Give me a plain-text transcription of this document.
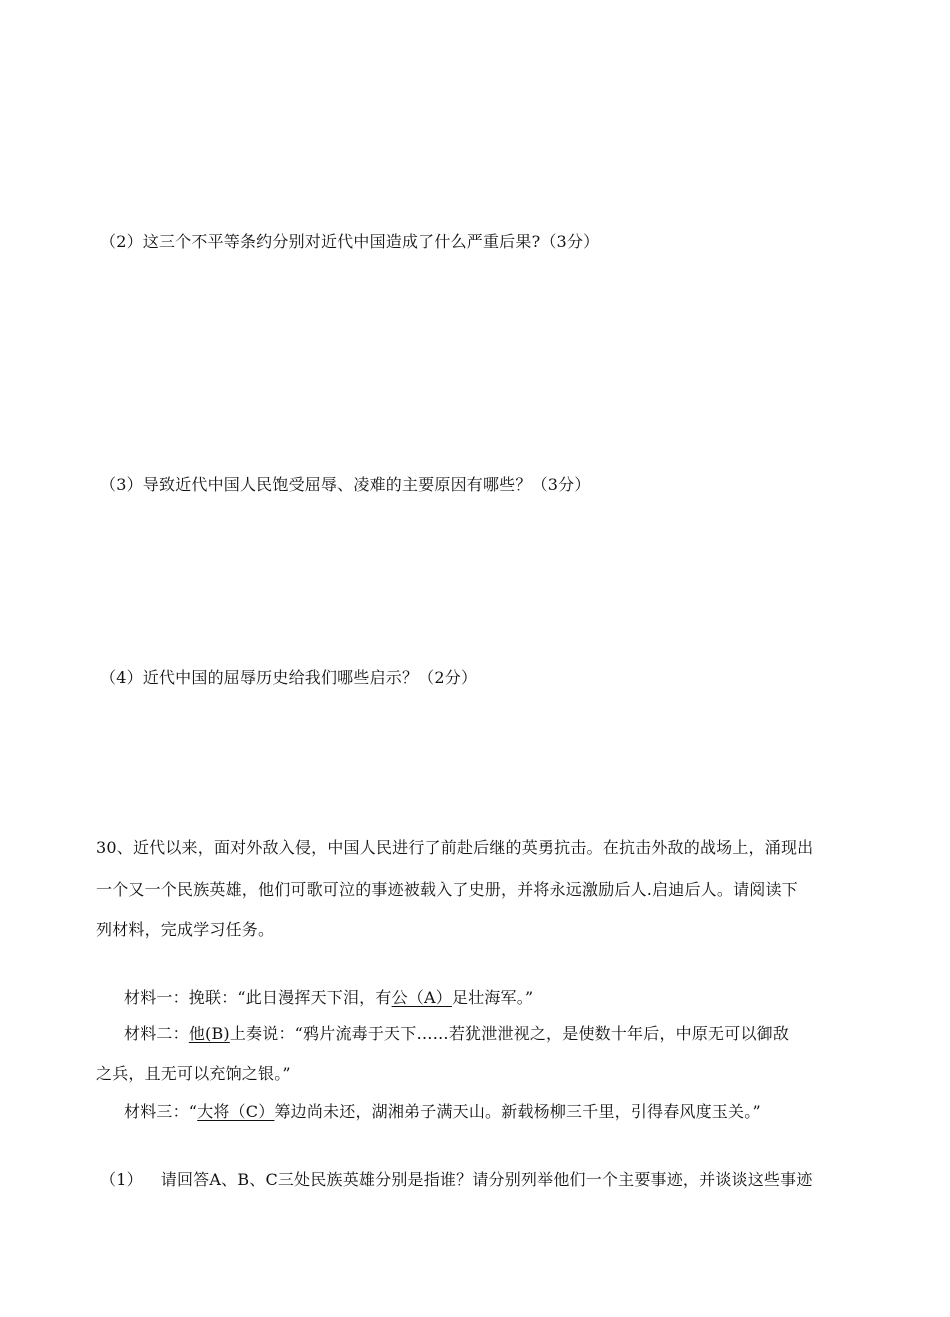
（2）这三个不平等条约分别对近代中国造成了什么严重后果?（3分）
（3）导致近代中国人民饱受屈辱、凌难的主要原因有哪些？（3分）
（4）近代中国的屈辱历史给我们哪些启示？（2分）
30、近代以来，面对外敌入侵，中国人民进行了前赴后继的英勇抗击。在抗击外敌的战场上，涌现出
一个又一个民族英雄，他们可歌可泣的事迹被载入了史册，并将永远激励后人.启迪后人。请阅读下
列材料，完成学习任务。
材料一：挽联：“此日漫挥天下泪，有公（A）足壮海军。”
材料二：他(B)上奏说：“鸦片流毒于天下……若犹泄泄视之，是使数十年后，中原无可以御敌
之兵，且无可以充饷之银。”
材料三：“大将（C）筹边尚未还，湖湘弟子满天山。新载杨柳三千里，引得春风度玉关。”
（1） 请回答A、B、C三处民族英雄分别是指谁？请分别列举他们一个主要事迹，并谈谈这些事迹
